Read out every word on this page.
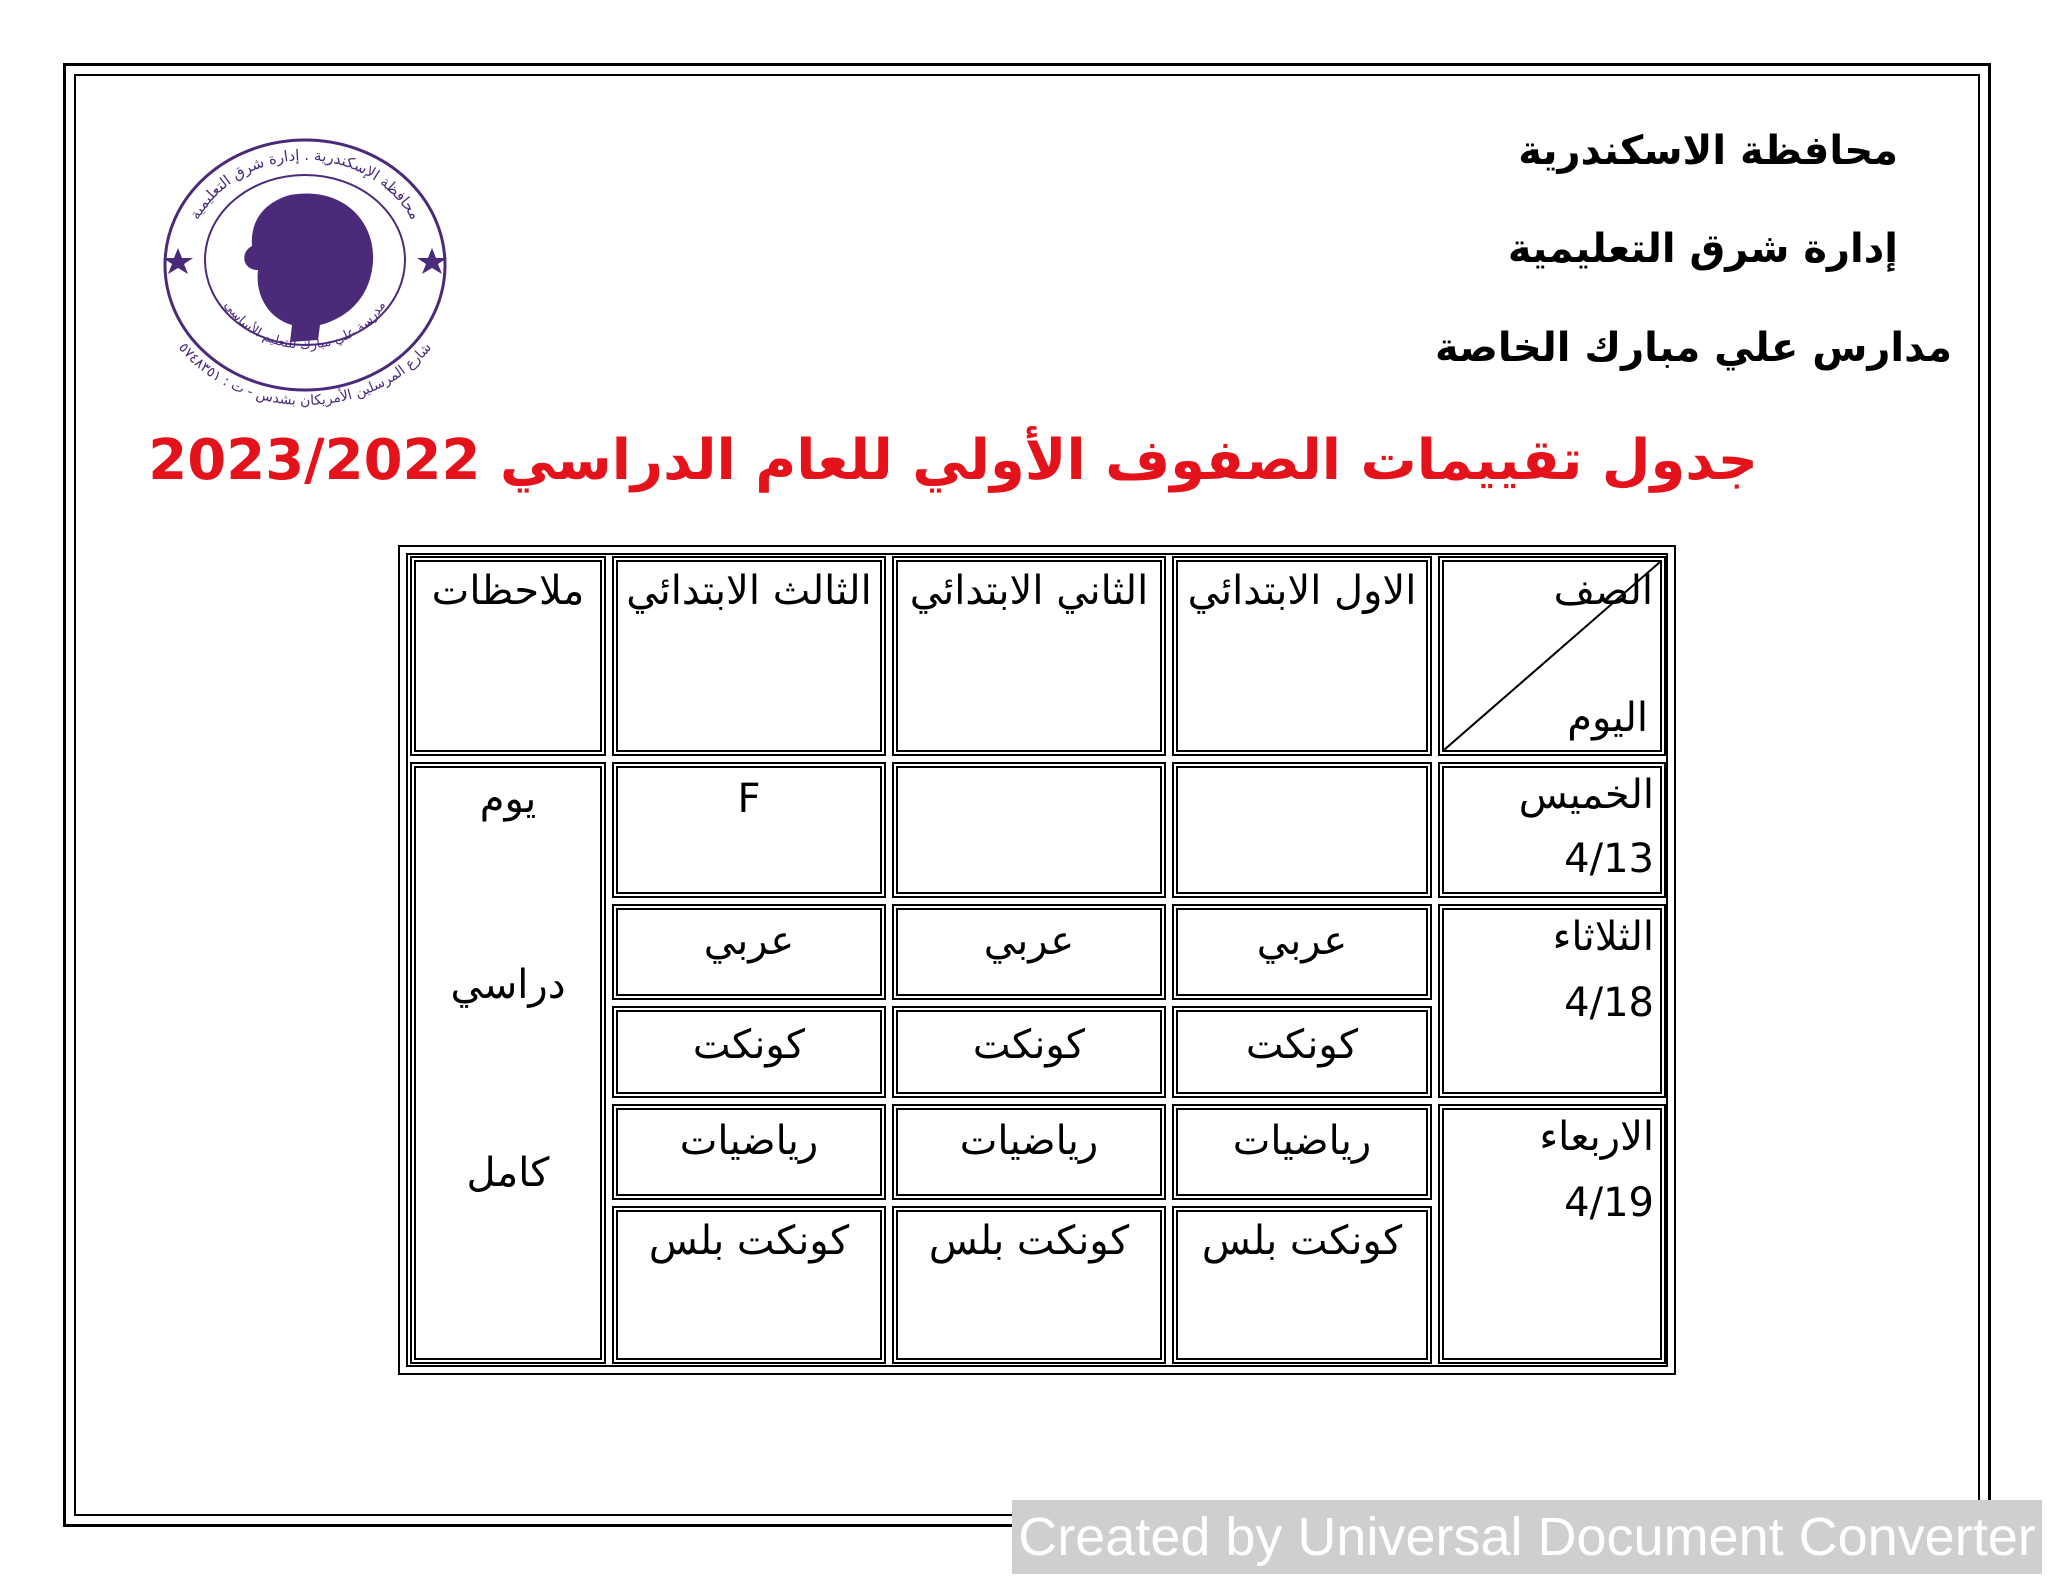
محافظة الاسكندرية
إدارة شرق التعليمية
مدارس علي مبارك الخاصة
محافظة الإسكندرية . إدارة شرق التعليمية
مدرسة علي مبارك للتعليم الأساسي
شارع المرسلين الأمريكان بشدس - ت : ٥٧٤٨٣٥١
جدول تقييمات الصفوف الأولي للعام الدراسي 2023/2022
الصف
اليوم
الاول الابتدائي
الثاني الابتدائي
الثالث الابتدائي
ملاحظات
الخميس
4/13
F
يوم
دراسي
كامل
الثلاثاء
4/18
عربي
عربي
عربي
كونكت
كونكت
كونكت
الاربعاء
4/19
رياضيات
رياضيات
رياضيات
كونكت بلس
كونكت بلس
كونكت بلس
Created by Universal Document Converter
